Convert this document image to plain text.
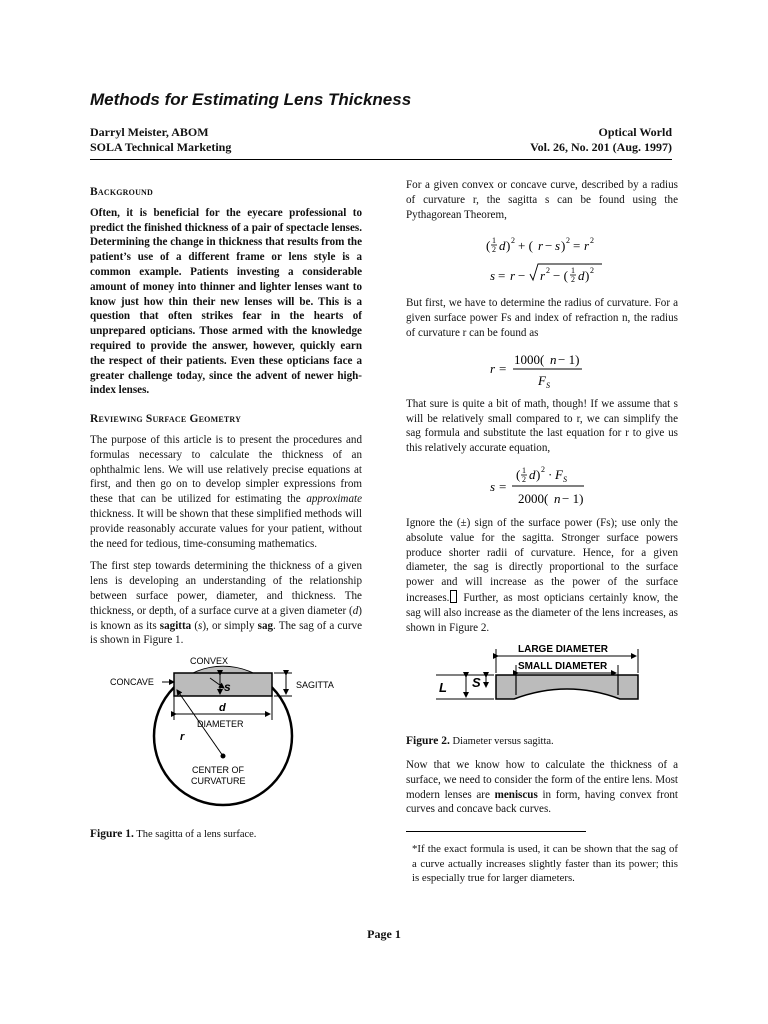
Methods for Estimating Lens Thickness
Darryl Meister, ABOM
SOLA Technical Marketing
Optical World
Vol. 26, No. 201 (Aug. 1997)
Background
Often, it is beneficial for the eyecare professional to predict the finished thickness of a pair of spectacle lenses. Determining the change in thickness that results from the patient’s use of a different frame or lens style is a common example. Patients investing a considerable amount of money into thinner and lighter lenses want to know just how thin their new lenses will be. This is a question that often strikes fear in the hearts of unprepared opticians. Those armed with the knowledge required to provide the answer, however, quickly earn the respect of their patients. Even these opticians face a greater challenge today, since the advent of newer high-index lenses.
Reviewing Surface Geometry
The purpose of this article is to present the procedures and formulas necessary to calculate the thickness of an ophthalmic lens. We will use relatively precise equations at first, and then go on to develop simpler expressions from these that can be utilized for estimating the approximate thickness. It will be shown that these simplified methods will provide reasonably accurate values for your patient, without the need for tedious, time-consuming mathematics.
The first step towards determining the thickness of a given lens is developing an understanding of the relationship between surface power, diameter, and thickness. The thickness, or depth, of a surface curve at a given diameter (d) is known as its sagitta (s), or simply sag. The sag of a curve is shown in Figure 1.
CONVEX
CONCAVE	SAGITTA
s
d
DIAMETER
r
CENTER OF
CURVATURE
Figure 1. The sagitta of a lens surface.
For a given convex or concave curve, described by a radius of curvature r, the sagitta s can be found using the Pythagorean Theorem,
( 1
2 d ) 2 + ( r − s ) 2 = r 2
s = r − r 2 − ( 1
2 d ) 2
But first, we have to determine the radius of curvature. For a given surface power Fs and index of refraction n, the radius of curvature r can be found as
r =
1000( n − 1)
F S
That sure is quite a bit of math, though! If we assume that s will be relatively small compared to r, we can simplify the sag formula and substitute the last equation for r to give us this relatively accurate equation,
s =
( 1
2 d ) 2 · F S
2000( n − 1)
Ignore the (±) sign of the surface power (Fs); use only the absolute value for the sagitta. Stronger surface powers produce shorter radii of curvature. Hence, for a given diameter, the sag is directly proportional to the surface power and will increase as the power of the surface increases. Further, as most opticians certainly know, the sag will also increase as the diameter of the lens increases, as shown in Figure 2.
LARGE DIAMETER
SMALL DIAMETER
L S
Figure 2. Diameter versus sagitta.
Now that we know how to calculate the thickness of a surface, we need to consider the form of the entire lens. Most modern lenses are meniscus in form, having convex front curves and concave back curves.
*If the exact formula is used, it can be shown that the sag of a curve actually increases slightly faster than its power; this is especially true for larger diameters.
Page 1
